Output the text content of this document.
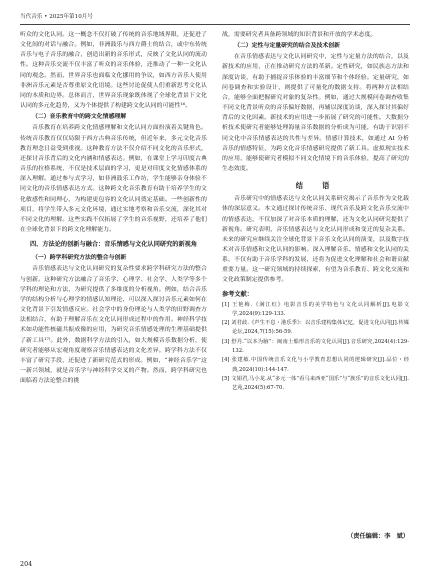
当代音乐 • 2025年第10月号

听众的文化认同。这一概念不仅打破了传统的音乐地域界限，还促进了文化间的对话与融合。例如，非洲鼓乐与西方爵士的结合，或中东传统音乐与电子音乐的融合，创造出新的音乐形式，反映了文化认同的流动性。这种音乐交流不仅丰富了听众的音乐体验，还推动了一种一文化认同的观念。然而，世界音乐也面临文化挪用的争议，如西方音乐人使用非洲音乐元素是否尊重原文化语境。这些讨论促使人们重新思考文化认同的本质和边界。总体而言，世界音乐现象既体现了全球化背景下文化认同的多元化趋势，又为个体提供了构建跨文化认同的可能性¹⁶。

（二）音乐教育中的跨文化情感理解

音乐教育在培养跨文化情感理解和文化认同方面扮演着关键角色。传统音乐教育仅仅局限于西方古典音乐传统，但近年来，多元文化音乐教育理念日益受到重视。这种教育方法不仅介绍不同文化的音乐形式，还探讨音乐背后的文化内涵和情感表达。例如，在课堂上学习印度古典音乐的拉格系统，不仅是技术层面的学习，更是对印度文化情感体系的深入理解。通过参与式学习，如非洲鼓乐工作坊，学生能够亲身体验不同文化的音乐情感表达方式。这种跨文化音乐教育有助于培养学生的文化敏感性和同理心，为构建更包容的文化认同奠定基础。一些创新性的项目，将学生带入多元文化环境，通过实地考察和音乐交流，深化其对不同文化的理解。这些实践不仅拓展了学生的音乐视野，还培养了他们在全球化背景下的跨文化理解能力。

四、方法论的创新与融合：音乐情感与文化认同研究的新视角
（一）跨学科研究方法的整合与创新

音乐情感表达与文化认同研究的复杂性要求跨学科研究方法的整合与创新。这种研究方法融合了音乐学、心理学、社会学、人类学等多个学科的理论和方法，为研究提供了多维度的分析视角。例如，结合音乐学的结构分析与心理学的情感认知理论，可以深入探讨音乐元素如何在文化背景下引发情感反应。社会学中的身份理论与人类学的田野调查方法相结合，有助于理解音乐在文化认同形成过程中的作用。神经科学技术如功能性核磁共振成像的应用，为研究音乐情感处理的生理基础提供了新工具¹⁷⁾。此外，数据科学方法的引入，如大规模音乐数据分析，使研究者能够从宏观角度观察音乐情感表达的文化差异。跨学科方法不仅丰富了研究手段，还促进了新研究范式的形成。例如，“神经音乐学”这一新兴领域，就是音乐学与神经科学交叉的产物。然而，跨学科研究也面临着方法论整合的挑

战，需要研究者具备跨领域的知识背景和开放的学术态度。

（二）定性与定量研究的结合及技术创新

在音乐情感表达与文化认同研究中，定性与定量方法的结合，以及新技术的应用，正在推动研究方法的革新。定性研究，如民族志方法和深度访谈，有助于捕捉音乐体验的丰富细节和个体经验。定量研究，如问卷调查和实验设计，则提供了可量化的数据支持。将两种方法相结合，能够全面把握研究对象的复杂性。例如，通过大规模问卷调查收集不同文化背景听众的音乐偏好数据，再辅以深度访谈，深入探讨其偏好背后的文化因素。新技术的应用进一步拓展了研究的可能性。大数据分析技术使研究者能够处理海量音乐数据的分析成为可能，有助于识别不同文化中音乐情感表达的共性与差异。情感计算技术，如通过 AI 分析音乐的情感特征，为跨文化音乐情感研究提供了新工具。虚拟现实技术的应用，能够使研究者模拟不同文化情境下的音乐体验，提高了研究的生态效度。

结　语

音乐研究中的情感表达与文化认同关系研究揭示了音乐作为文化载体的深层意义。本文通过探讨传统音乐、现代音乐及跨文化音乐交流中的情感表达，不仅加深了对音乐本质的理解，还为文化认同研究提供了新视角。研究表明，音乐情感表达与文化认同形成和变迁的复杂关系。未来的研究应继续关注全球化背景下音乐文化认同的演变，以及数字技术对音乐情感和文化认同的影响。深入理解音乐、情感和文化认同的关系，不仅有助于音乐学科的发展，还将为促进文化理解和社会和谐贡献重要力量。这一研究领域的持续探索，有望为音乐教育、跨文化交流和文化政策制定提供参考。

参考文献：

[1] 王艳梅.《满江红》电影音乐的美学特色与文化认同解析[J].电影文学,2024(9):129-133.

[2] 刘君歧.《声生不息・港乐季》：以音乐建构集体记忆，促进文化认同[J].传媒论坛,2024,7(15):56-59.

[3] 舒丹.“以本为脑”：闽南土船形音乐的文化认同[J].音乐研究,2024(4):129-132.

[4] 张建敏.中国传统音乐文化与小学教育思想认同的逻辑研究[J].品位・经典,2024(10):144-147.

[5] 文娟君,马小龙.从“多元一体”看马来西亚“国乐”与“族乐”的音乐文化认同[J].艺苑,2024(5):67-70.

（责任编辑：李　斌）
204
